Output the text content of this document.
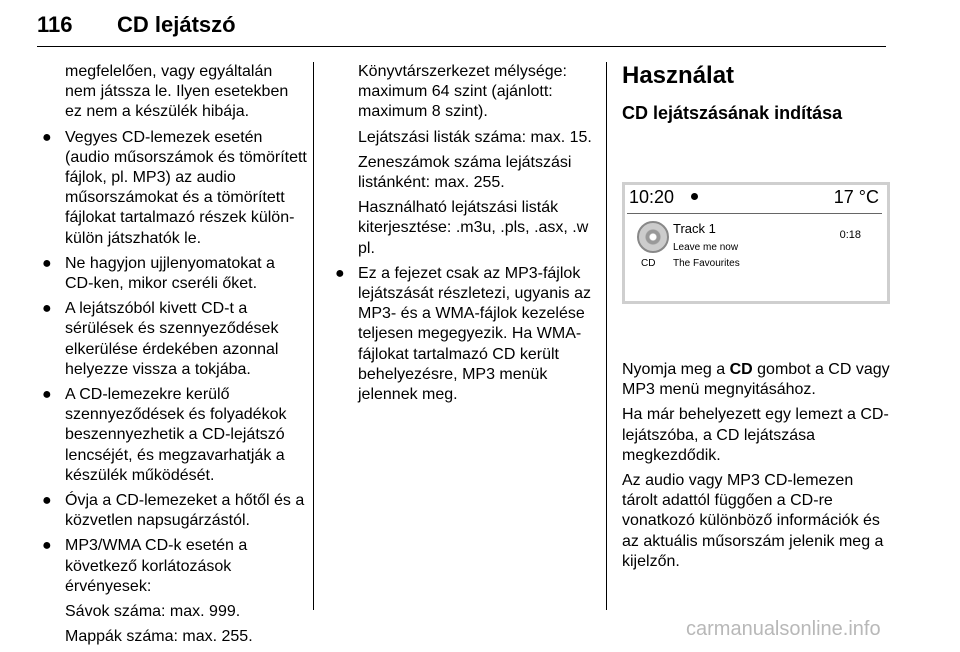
116 CD lejátszó

megfelelően, vagy egyáltalán nem játssza le. Ilyen esetekben ez nem a készülék hibája.

● Vegyes CD-lemezek esetén (audio műsorszámok és tömörített fájlok, pl. MP3) az audio műsorszámokat és a tömörített fájlokat tartalmazó részek külön-külön játszhatók le.
● Ne hagyjon ujjlenyomatokat a CD-ken, mikor cseréli őket.
● A lejátszóból kivett CD-t a sérülések és szennyeződések elkerülése érdekében azonnal helyezze vissza a tokjába.
● A CD-lemezekre kerülő szennyeződések és folyadékok beszennyezhetik a CD-lejátszó lencséjét, és megzavarhatják a készülék működését.
● Óvja a CD-lemezeket a hőtől és a közvetlen napsugárzástól.
● MP3/WMA CD-k esetén a következő korlátozások érvényesek:

Sávok száma: max. 999.

Mappák száma: max. 255.

Könyvtárszerkezet mélysége: maximum 64 szint (ajánlott: maximum 8 szint).

Lejátszási listák száma: max. 15.

Zeneszámok száma lejátszási listánként: max. 255.

Használható lejátszási listák kiterjesztése: .m3u, .pls, .asx, .w pl.

● Ez a fejezet csak az MP3-fájlok lejátszását részletezi, ugyanis az MP3- és a WMA-fájlok kezelése teljesen megegyezik. Ha WMA-fájlokat tartalmazó CD került behelyezésre, MP3 menük jelennek meg.
Használat
CD lejátszásának indítása
10:20	17 °C
CD
Track 1
Leave me now
The Favourites
0:18

Nyomja meg a CD gombot a CD vagy MP3 menü megnyitásához.

Ha már behelyezett egy lemezt a CD-lejátszóba, a CD lejátszása megkezdődik.

Az audio vagy MP3 CD-lemezen tárolt adattól függően a CD-re vonatkozó különböző információk és az aktuális műsorszám jelenik meg a kijelzőn.

carmanualsonline.info
